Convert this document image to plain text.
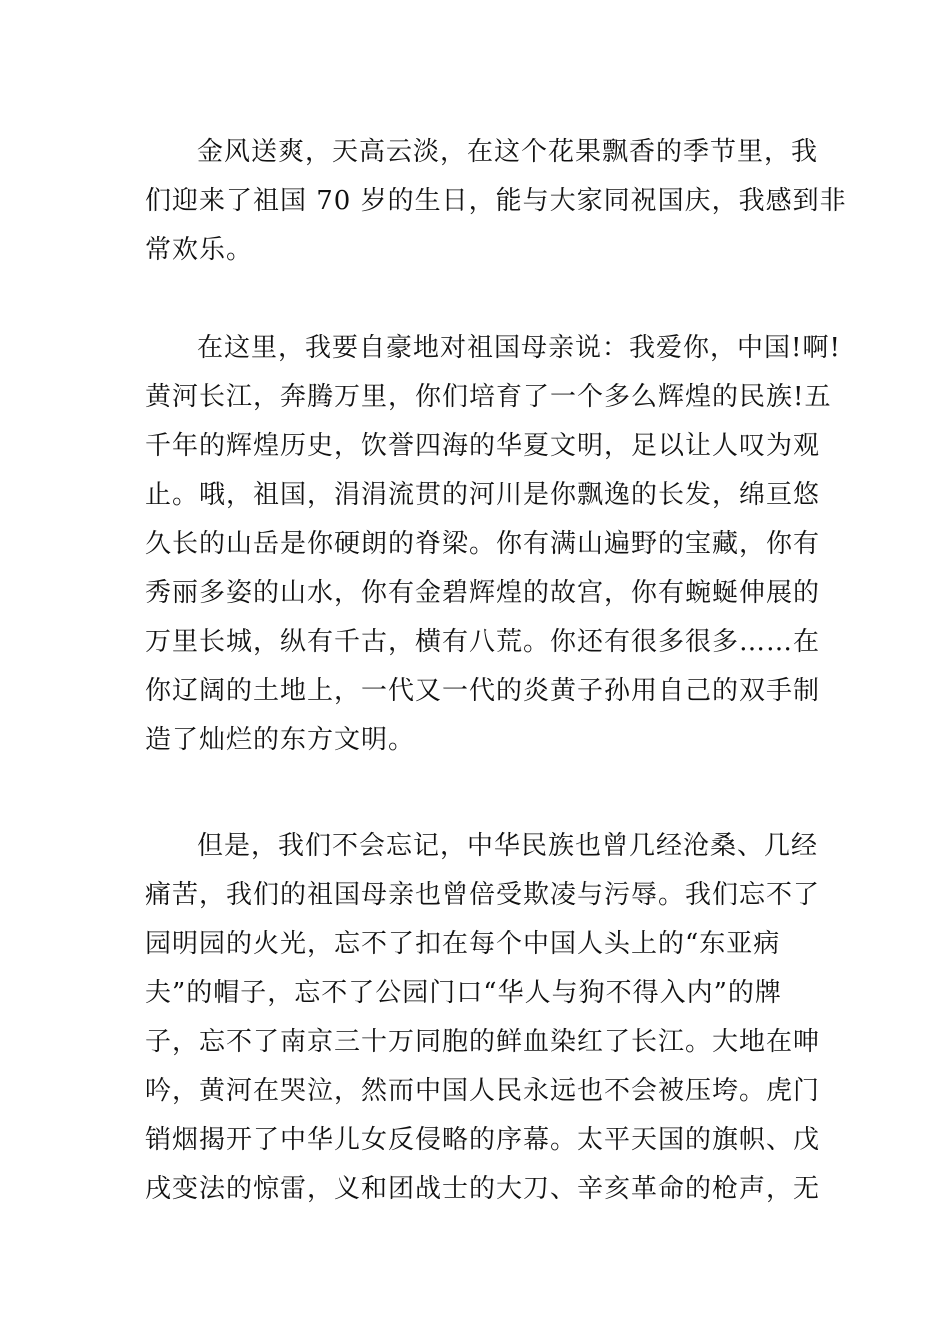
金风送爽，天高云淡，在这个花果飘香的季节里，我
们迎来了祖国 70 岁的生日，能与大家同祝国庆，我感到非
常欢乐。
在这里，我要自豪地对祖国母亲说：我爱你，中国!啊!
黄河长江，奔腾万里，你们培育了一个多么辉煌的民族!五
千年的辉煌历史，饮誉四海的华夏文明，足以让人叹为观
止。哦，祖国，涓涓流贯的河川是你飘逸的长发，绵亘悠
久长的山岳是你硬朗的脊梁。你有满山遍野的宝藏，你有
秀丽多姿的山水，你有金碧辉煌的故宫，你有蜿蜒伸展的
万里长城，纵有千古，横有八荒。你还有很多很多……在
你辽阔的土地上，一代又一代的炎黄子孙用自己的双手制
造了灿烂的东方文明。
但是，我们不会忘记，中华民族也曾几经沧桑、几经
痛苦，我们的祖国母亲也曾倍受欺凌与污辱。我们忘不了
园明园的火光，忘不了扣在每个中国人头上的“东亚病
夫”的帽子，忘不了公园门口“华人与狗不得入内”的牌
子，忘不了南京三十万同胞的鲜血染红了长江。大地在呻
吟，黄河在哭泣，然而中国人民永远也不会被压垮。虎门
销烟揭开了中华儿女反侵略的序幕。太平天国的旗帜、戊
戌变法的惊雷，义和团战士的大刀、辛亥革命的枪声，无
